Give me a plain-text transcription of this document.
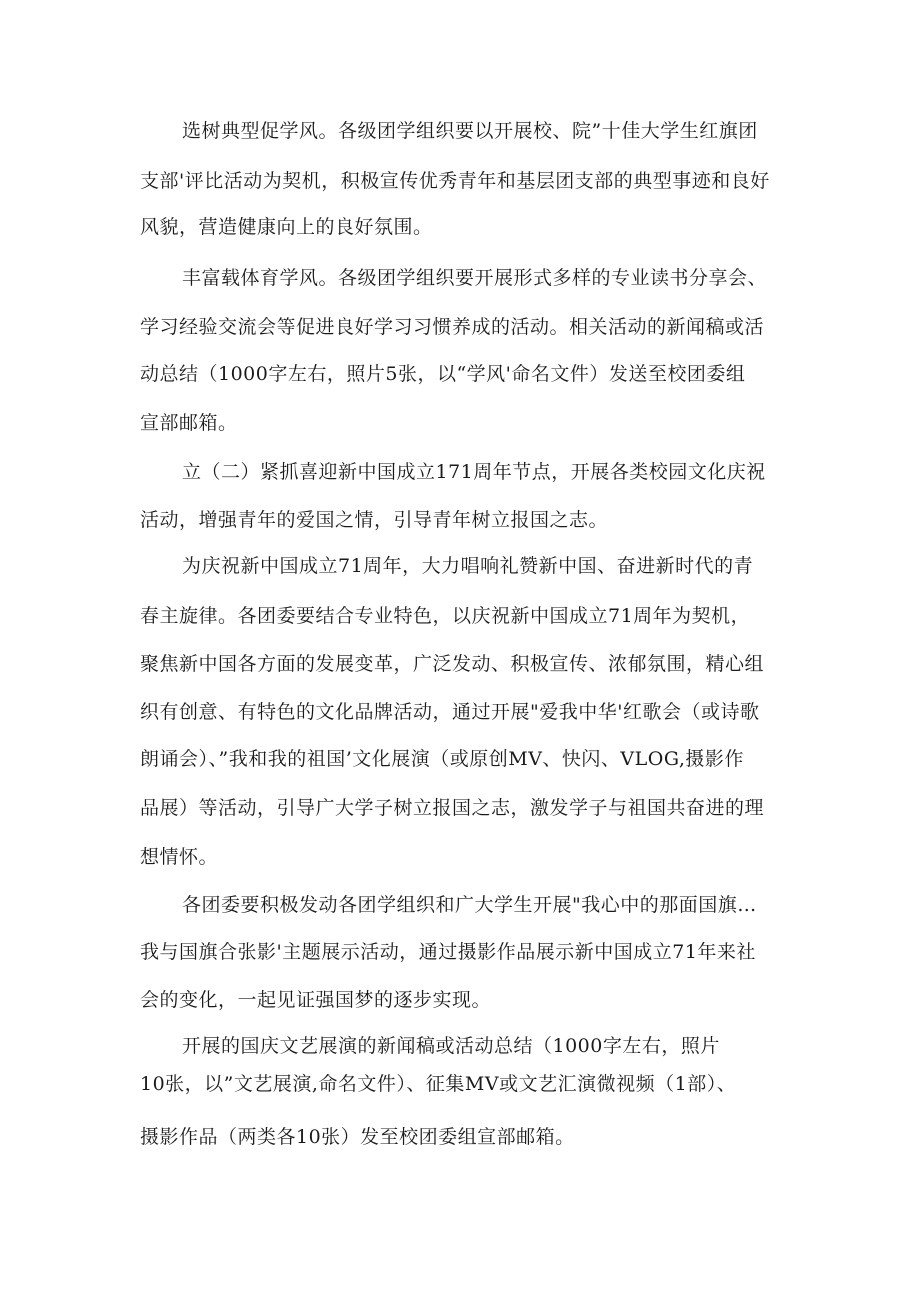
选树典型促学风。各级团学组织要以开展校、院”十佳大学生红旗团
支部'评比活动为契机，积极宣传优秀青年和基层团支部的典型事迹和良好
风貌，营造健康向上的良好氛围。
丰富载体育学风。各级团学组织要开展形式多样的专业读书分享会、
学习经验交流会等促进良好学习习惯养成的活动。相关活动的新闻稿或活
动总结（1000字左右，照片5张，以“学风'命名文件）发送至校团委组
宣部邮箱。
立（二）紧抓喜迎新中国成立171周年节点，开展各类校园文化庆祝
活动，增强青年的爱国之情，引导青年树立报国之志。
为庆祝新中国成立71周年，大力唱响礼赞新中国、奋进新时代的青
春主旋律。各团委要结合专业特色，以庆祝新中国成立71周年为契机，
聚焦新中国各方面的发展变革，广泛发动、积极宣传、浓郁氛围，精心组
织有创意、有特色的文化品牌活动，通过开展"爱我中华'红歌会（或诗歌
朗诵会）、”我和我的祖国’文化展演（或原创MV、快闪、VLOG,摄影作
品展）等活动，引导广大学子树立报国之志，激发学子与祖国共奋进的理
想情怀。
各团委要积极发动各团学组织和广大学生开展"我心中的那面国旗…
我与国旗合张影'主题展示活动，通过摄影作品展示新中国成立71年来社
会的变化，一起见证强国梦的逐步实现。
开展的国庆文艺展演的新闻稿或活动总结（1000字左右，照片
10张，以”文艺展演,命名文件）、征集MV或文艺汇演微视频（1部）、
摄影作品（两类各10张）发至校团委组宣部邮箱。
